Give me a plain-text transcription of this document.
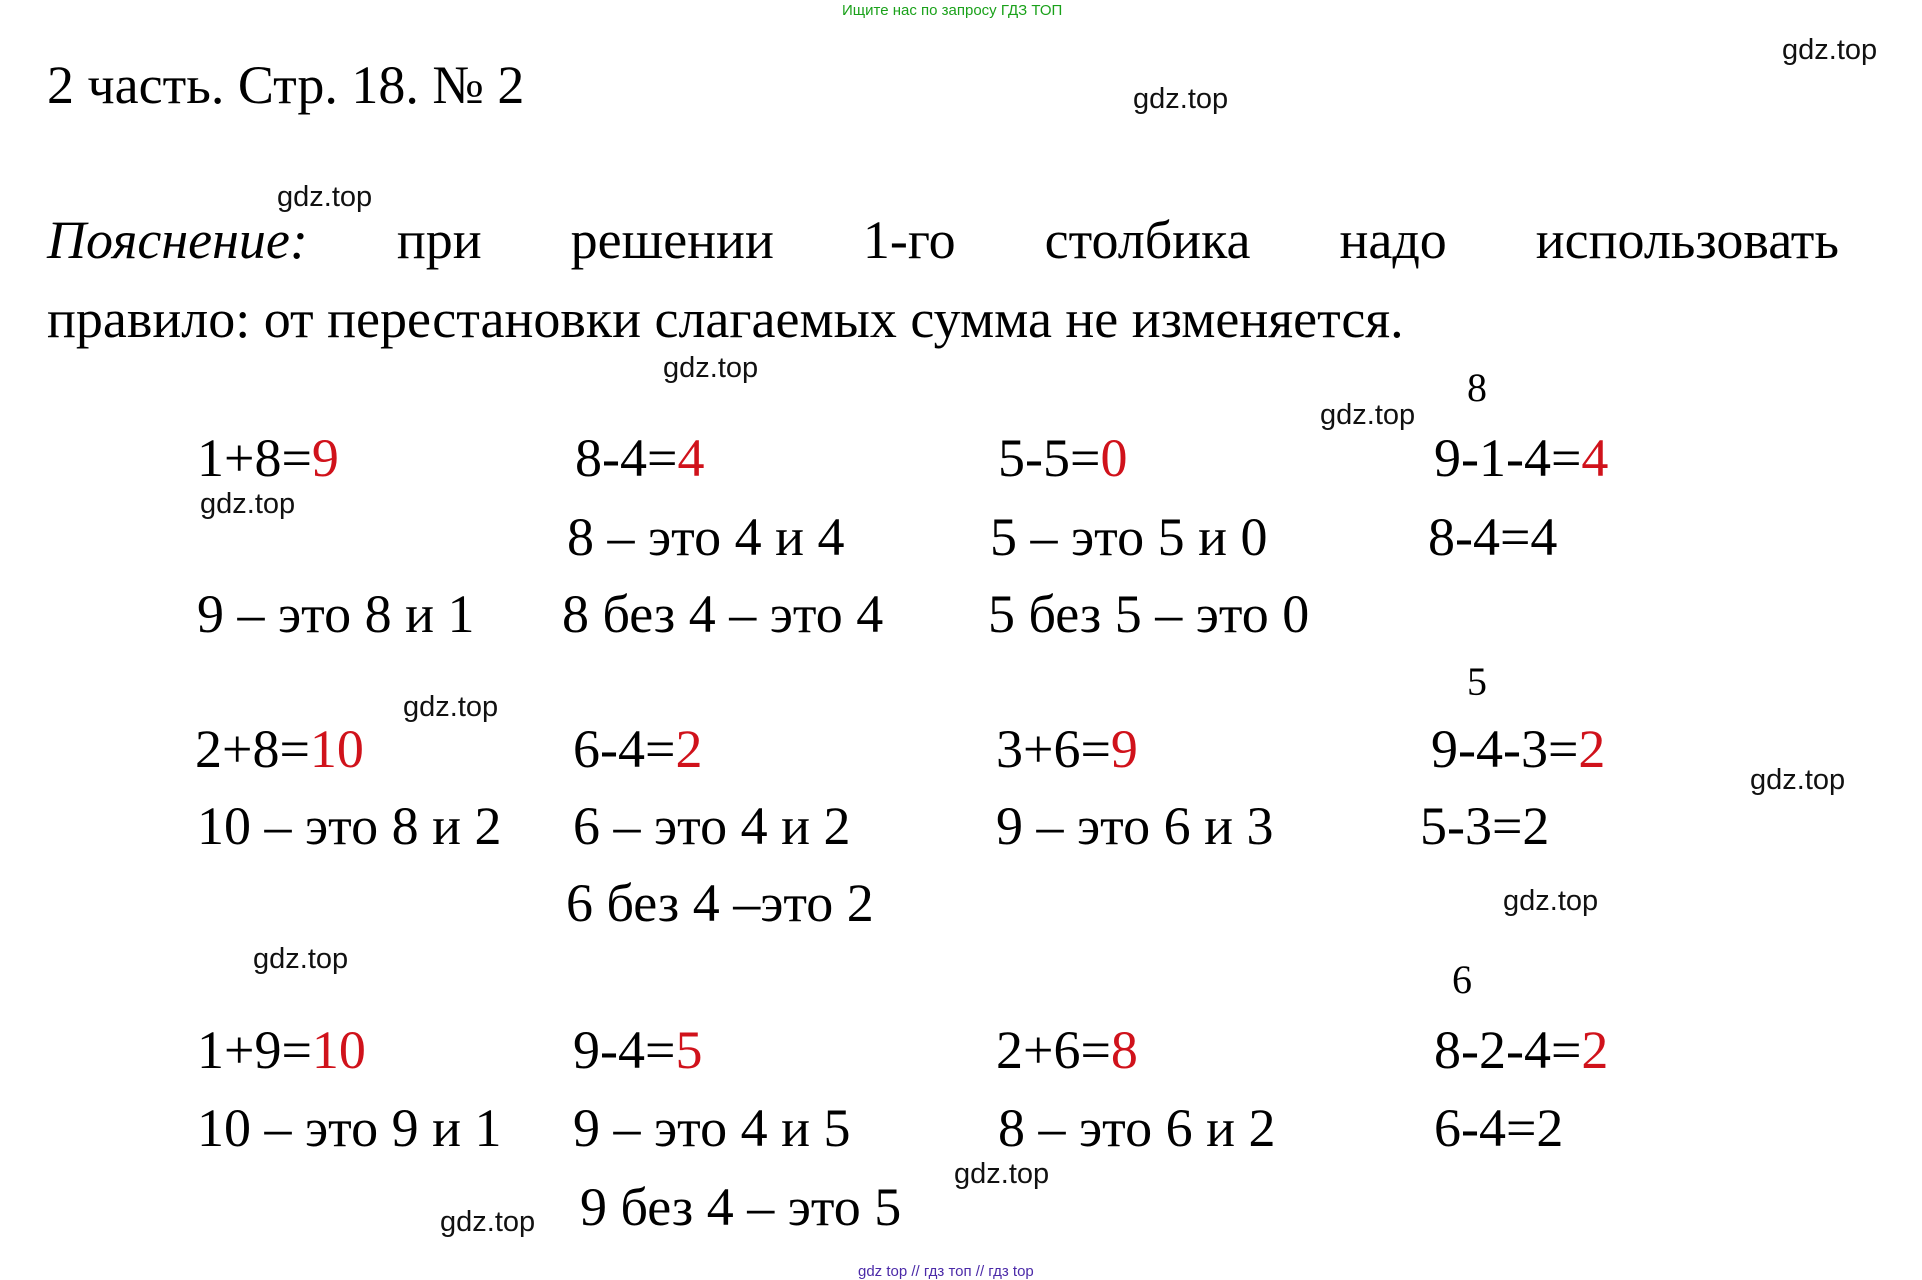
Ищите нас по запросу ГДЗ ТОП
2 часть. Стр. 18. № 2
Пояснение: при решении 1-го столбика надо использовать
правило: от перестановки слагаемых сумма не изменяется.
1+8=9
9 – это 8 и 1
8-4=4
8 – это 4 и 4
8 без 4 – это 4
5-5=0
5 – это 5 и 0
5 без 5 – это 0
8
9-1-4=4
8-4=4
2+8=10
10 – это 8 и 2
6-4=2
6 – это 4 и 2
6 без 4 –это 2
3+6=9
9 – это 6 и 3
5
9-4-3=2
5-3=2
1+9=10
10 – это 9 и 1
9-4=5
9 – это 4 и 5
9 без 4 – это 5
2+6=8
8 – это 6 и 2
6
8-2-4=2
6-4=2
gdz.top
gdz.top
gdz.top
gdz.top
gdz.top
gdz.top
gdz.top
gdz.top
gdz.top
gdz.top
gdz.top
gdz.top
gdz top // гдз топ // гдз top
